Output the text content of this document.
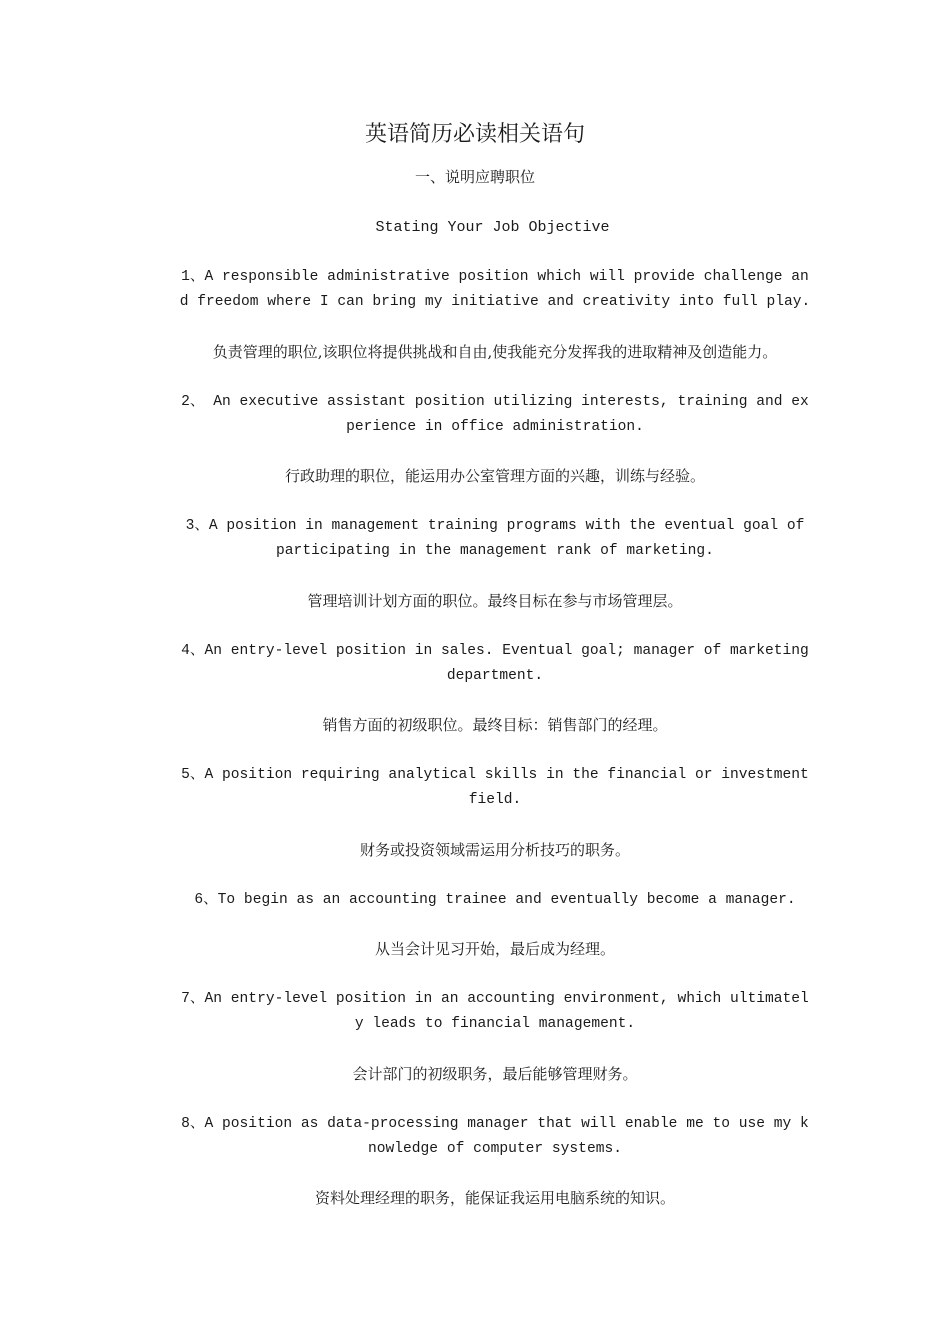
英语简历必读相关语句
一、说明应聘职位
Stating Your Job Objective
1、A responsible administrative position which will provide challenge and freedom where I can bring my initiative and creativity into full play.
负责管理的职位,该职位将提供挑战和自由,使我能充分发挥我的进取精神及创造能力。
2、 An executive assistant position utilizing interests, training and experience in office administration.
行政助理的职位，能运用办公室管理方面的兴趣，训练与经验。
3、A position in management training programs with the eventual goal of participating in the management rank of marketing.
管理培训计划方面的职位。最终目标在参与市场管理层。
4、An entry-level position in sales. Eventual goal; manager of marketing department.
销售方面的初级职位。最终目标：销售部门的经理。
5、A position requiring analytical skills in the financial or investment field.
财务或投资领域需运用分析技巧的职务。
6、To begin as an accounting trainee and eventually become a manager.
从当会计见习开始，最后成为经理。
7、An entry-level position in an accounting environment, which ultimately leads to financial management.
会计部门的初级职务，最后能够管理财务。
8、A position as data-processing manager that will enable me to use my knowledge of computer systems.
资料处理经理的职务，能保证我运用电脑系统的知识。
